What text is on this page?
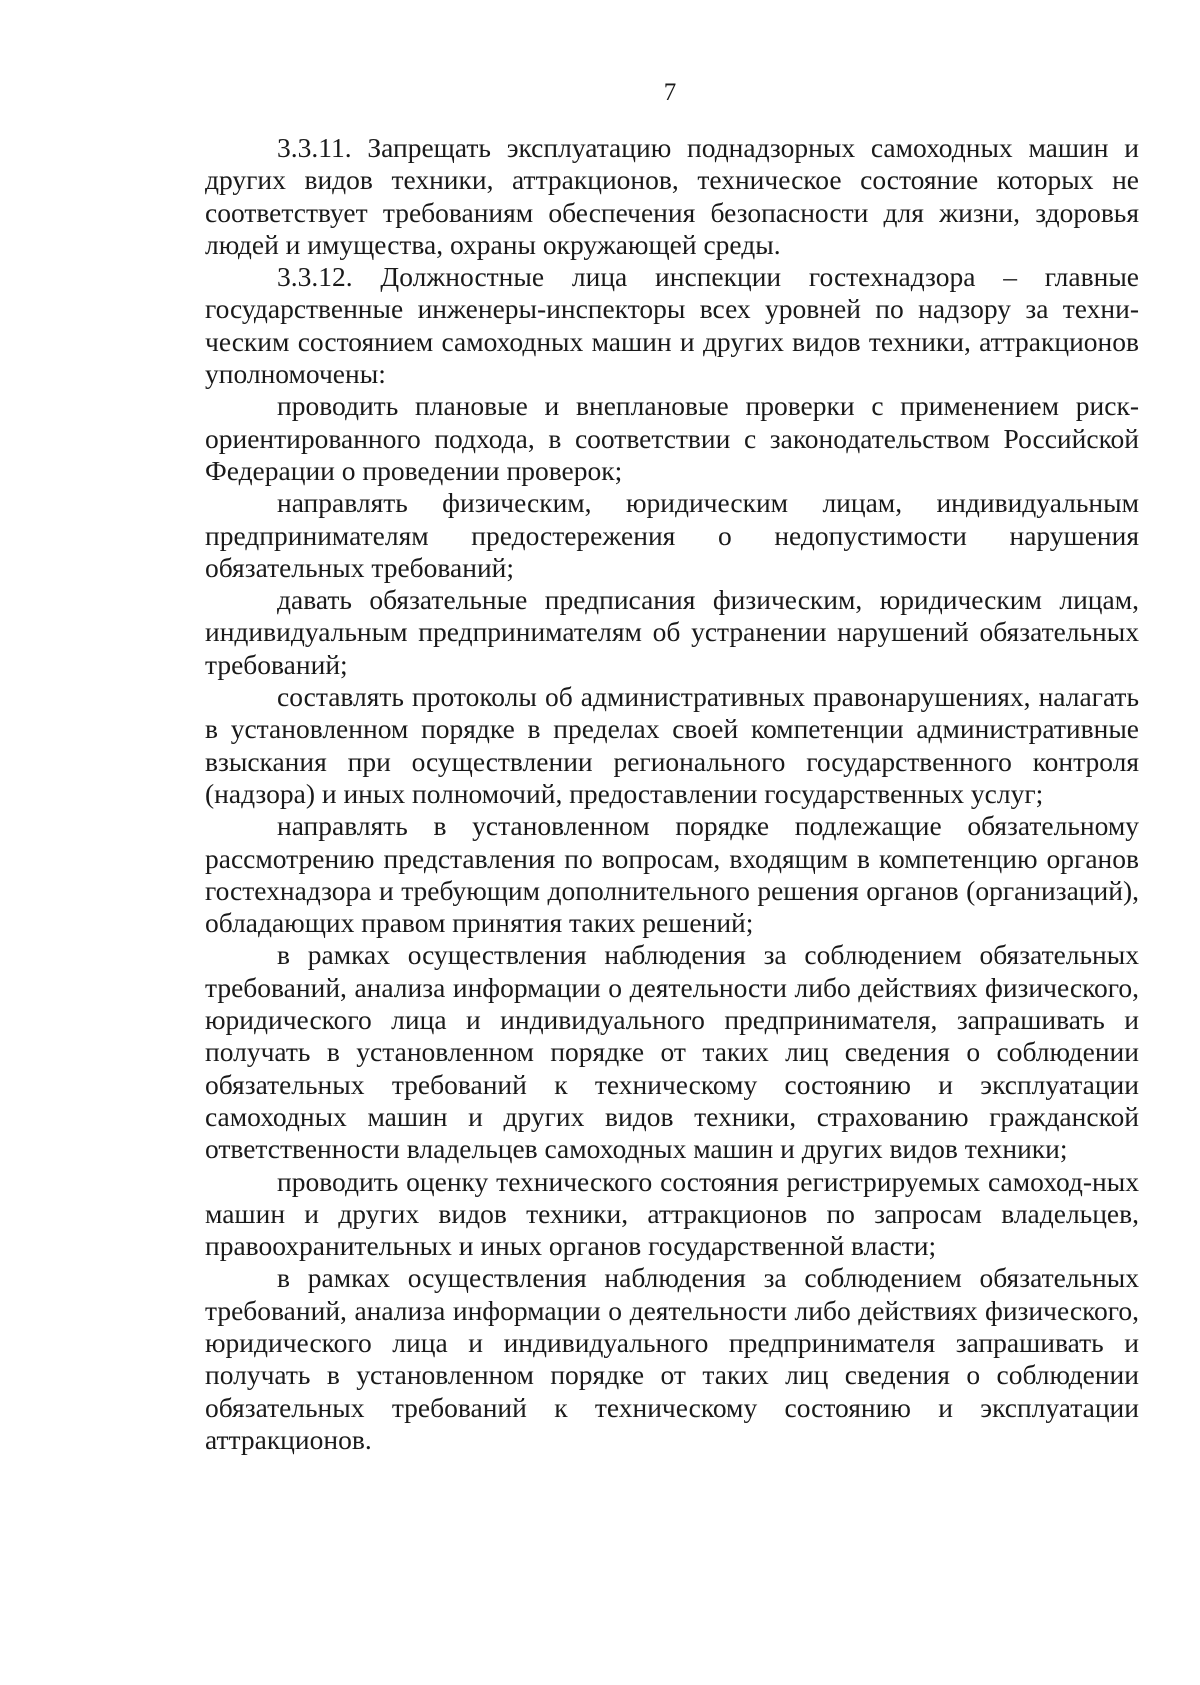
7

3.3.11. Запрещать эксплуатацию поднадзорных самоходных машин и других видов техники, аттракционов, техническое состояние которых не соответствует требованиям обеспечения безопасности для жизни, здоровья людей и имущества, охраны окружающей среды.

3.3.12. Должностные лица инспекции гостехнадзора – главные государственные инженеры-инспекторы всех уровней по надзору за техни-ческим состоянием самоходных машин и других видов техники, аттракционов уполномочены:

проводить плановые и внеплановые проверки с применением риск-ориентированного подхода, в соответствии с законодательством Российской Федерации о проведении проверок;

направлять физическим, юридическим лицам, индивидуальным предпринимателям предостережения о недопустимости нарушения обязательных требований;

давать обязательные предписания физическим, юридическим лицам, индивидуальным предпринимателям об устранении нарушений обязательных требований;

составлять протоколы об административных правонарушениях, налагать в установленном порядке в пределах своей компетенции административные взыскания при осуществлении регионального государственного контроля (надзора) и иных полномочий, предоставлении государственных услуг;

направлять в установленном порядке подлежащие обязательному рассмотрению представления по вопросам, входящим в компетенцию органов гостехнадзора и требующим дополнительного решения органов (организаций), обладающих правом принятия таких решений;

в рамках осуществления наблюдения за соблюдением обязательных требований, анализа информации о деятельности либо действиях физического, юридического лица и индивидуального предпринимателя, запрашивать и получать в установленном порядке от таких лиц сведения о соблюдении обязательных требований к техническому состоянию и эксплуатации самоходных машин и других видов техники, страхованию гражданской ответственности владельцев самоходных машин и других видов техники;

проводить оценку технического состояния регистрируемых самоход-ных машин и других видов техники, аттракционов по запросам владельцев, правоохранительных и иных органов государственной власти;

в рамках осуществления наблюдения за соблюдением обязательных требований, анализа информации о деятельности либо действиях физического, юридического лица и индивидуального предпринимателя запрашивать и получать в установленном порядке от таких лиц сведения о соблюдении обязательных требований к техническому состоянию и эксплуатации аттракционов.
